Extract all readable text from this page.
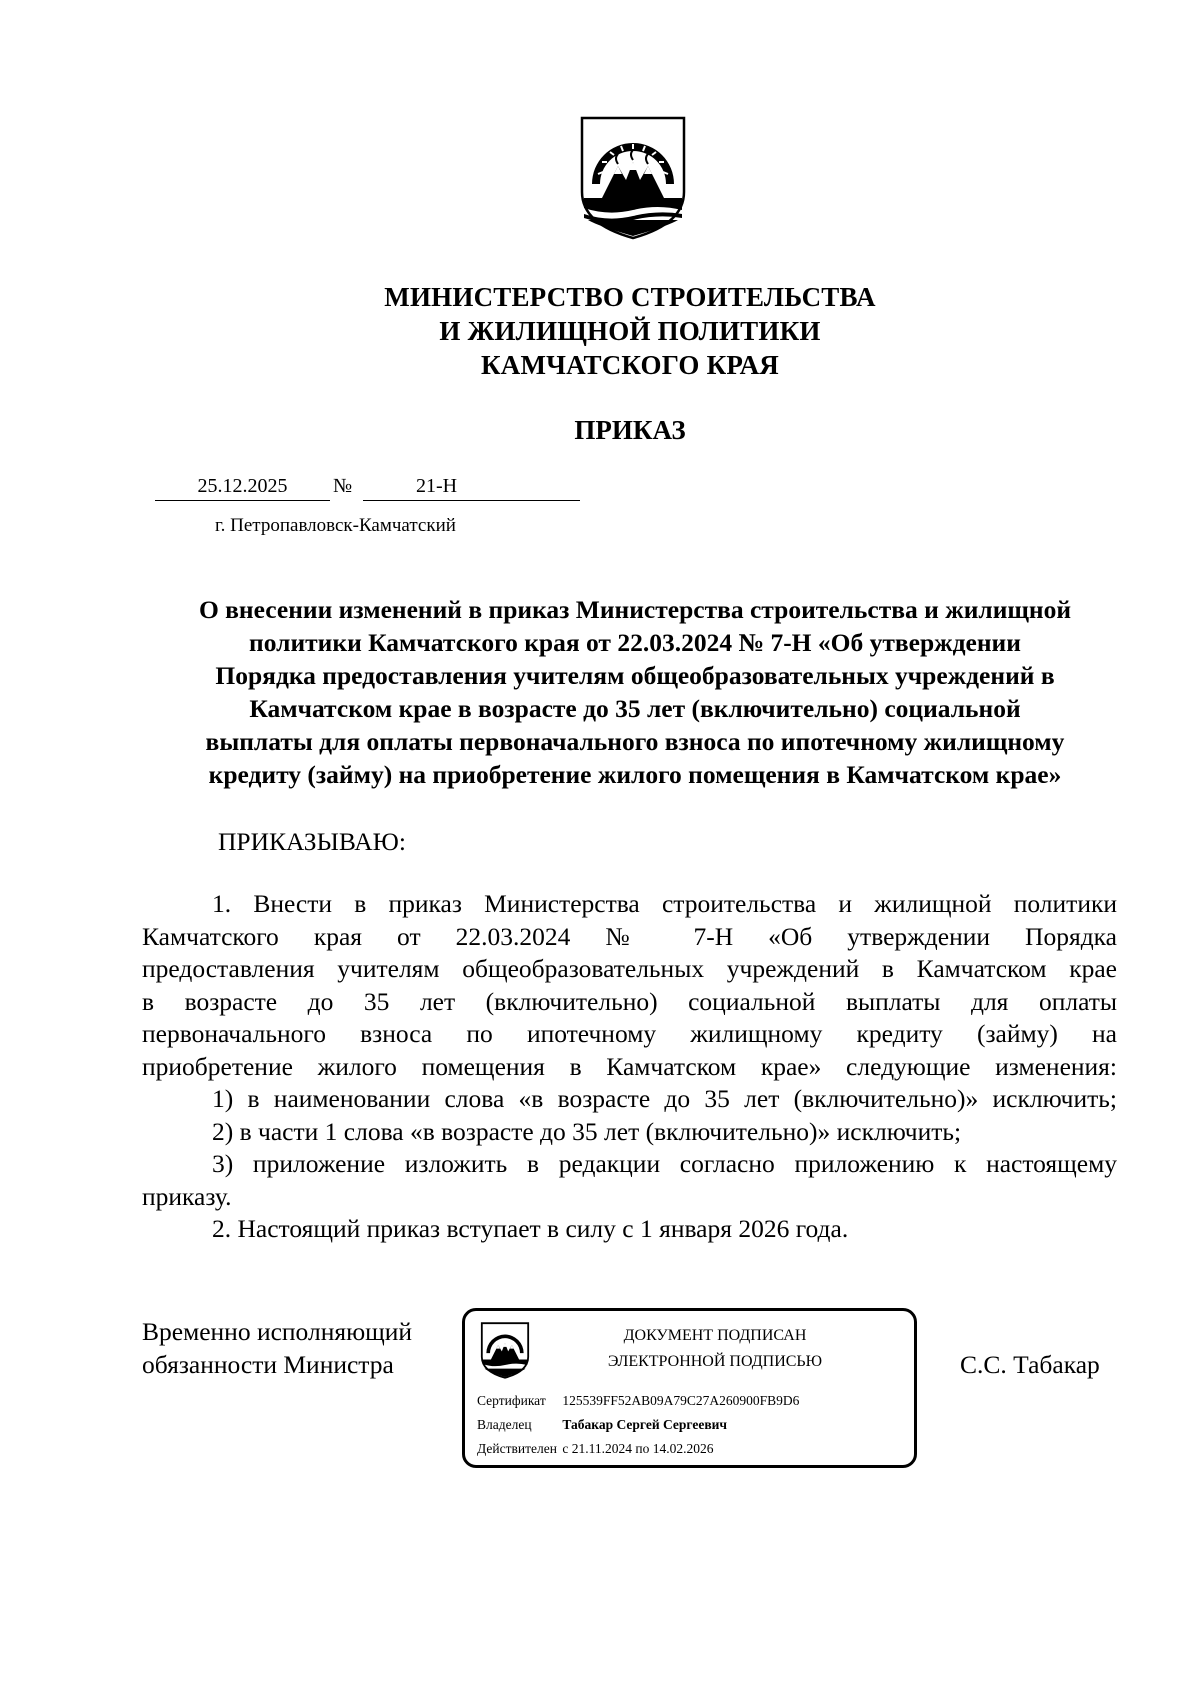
МИНИСТЕРСТВО СТРОИТЕЛЬСТВА
И ЖИЛИЩНОЙ ПОЛИТИКИ
КАМЧАТСКОГО КРАЯ
ПРИКАЗ
25.12.2025	№	21-Н
г. Петропавловск-Камчатский
О внесении изменений в приказ Министерства строительства и жилищной
политики Камчатского края от 22.03.2024 № 7-Н «Об утверждении
Порядка предоставления учителям общеобразовательных учреждений в
Камчатском крае в возрасте до 35 лет (включительно) социальной
выплаты для оплаты первоначального взноса по ипотечному жилищному
кредиту (займу) на приобретение жилого помещения в Камчатском крае»
ПРИКАЗЫВАЮ:
1. Внести в приказ Министерства строительства и жилищной политики
Камчатского края от 22.03.2024 № 7-Н «Об утверждении Порядка
предоставления учителям общеобразовательных учреждений в Камчатском крае
в возрасте до 35 лет (включительно) социальной выплаты для оплаты
первоначального взноса по ипотечному жилищному кредиту (займу) на
приобретение жилого помещения в Камчатском крае» следующие изменения:
1) в наименовании слова «в возрасте до 35 лет (включительно)» исключить;
2) в части 1 слова «в возрасте до 35 лет (включительно)» исключить;
3) приложение изложить в редакции согласно приложению к настоящему
приказу.
2. Настоящий приказ вступает в силу с 1 января 2026 года.
Временно исполняющий
обязанности Министра
ДОКУМЕНТ ПОДПИСАН
ЭЛЕКТРОННОЙ ПОДПИСЬЮ
Сертификат 125539FF52AB09A79C27A260900FB9D6
Владелец Табакар Сергей Сергеевич
Действителен с 21.11.2024 по 14.02.2026
С.С. Табакар
